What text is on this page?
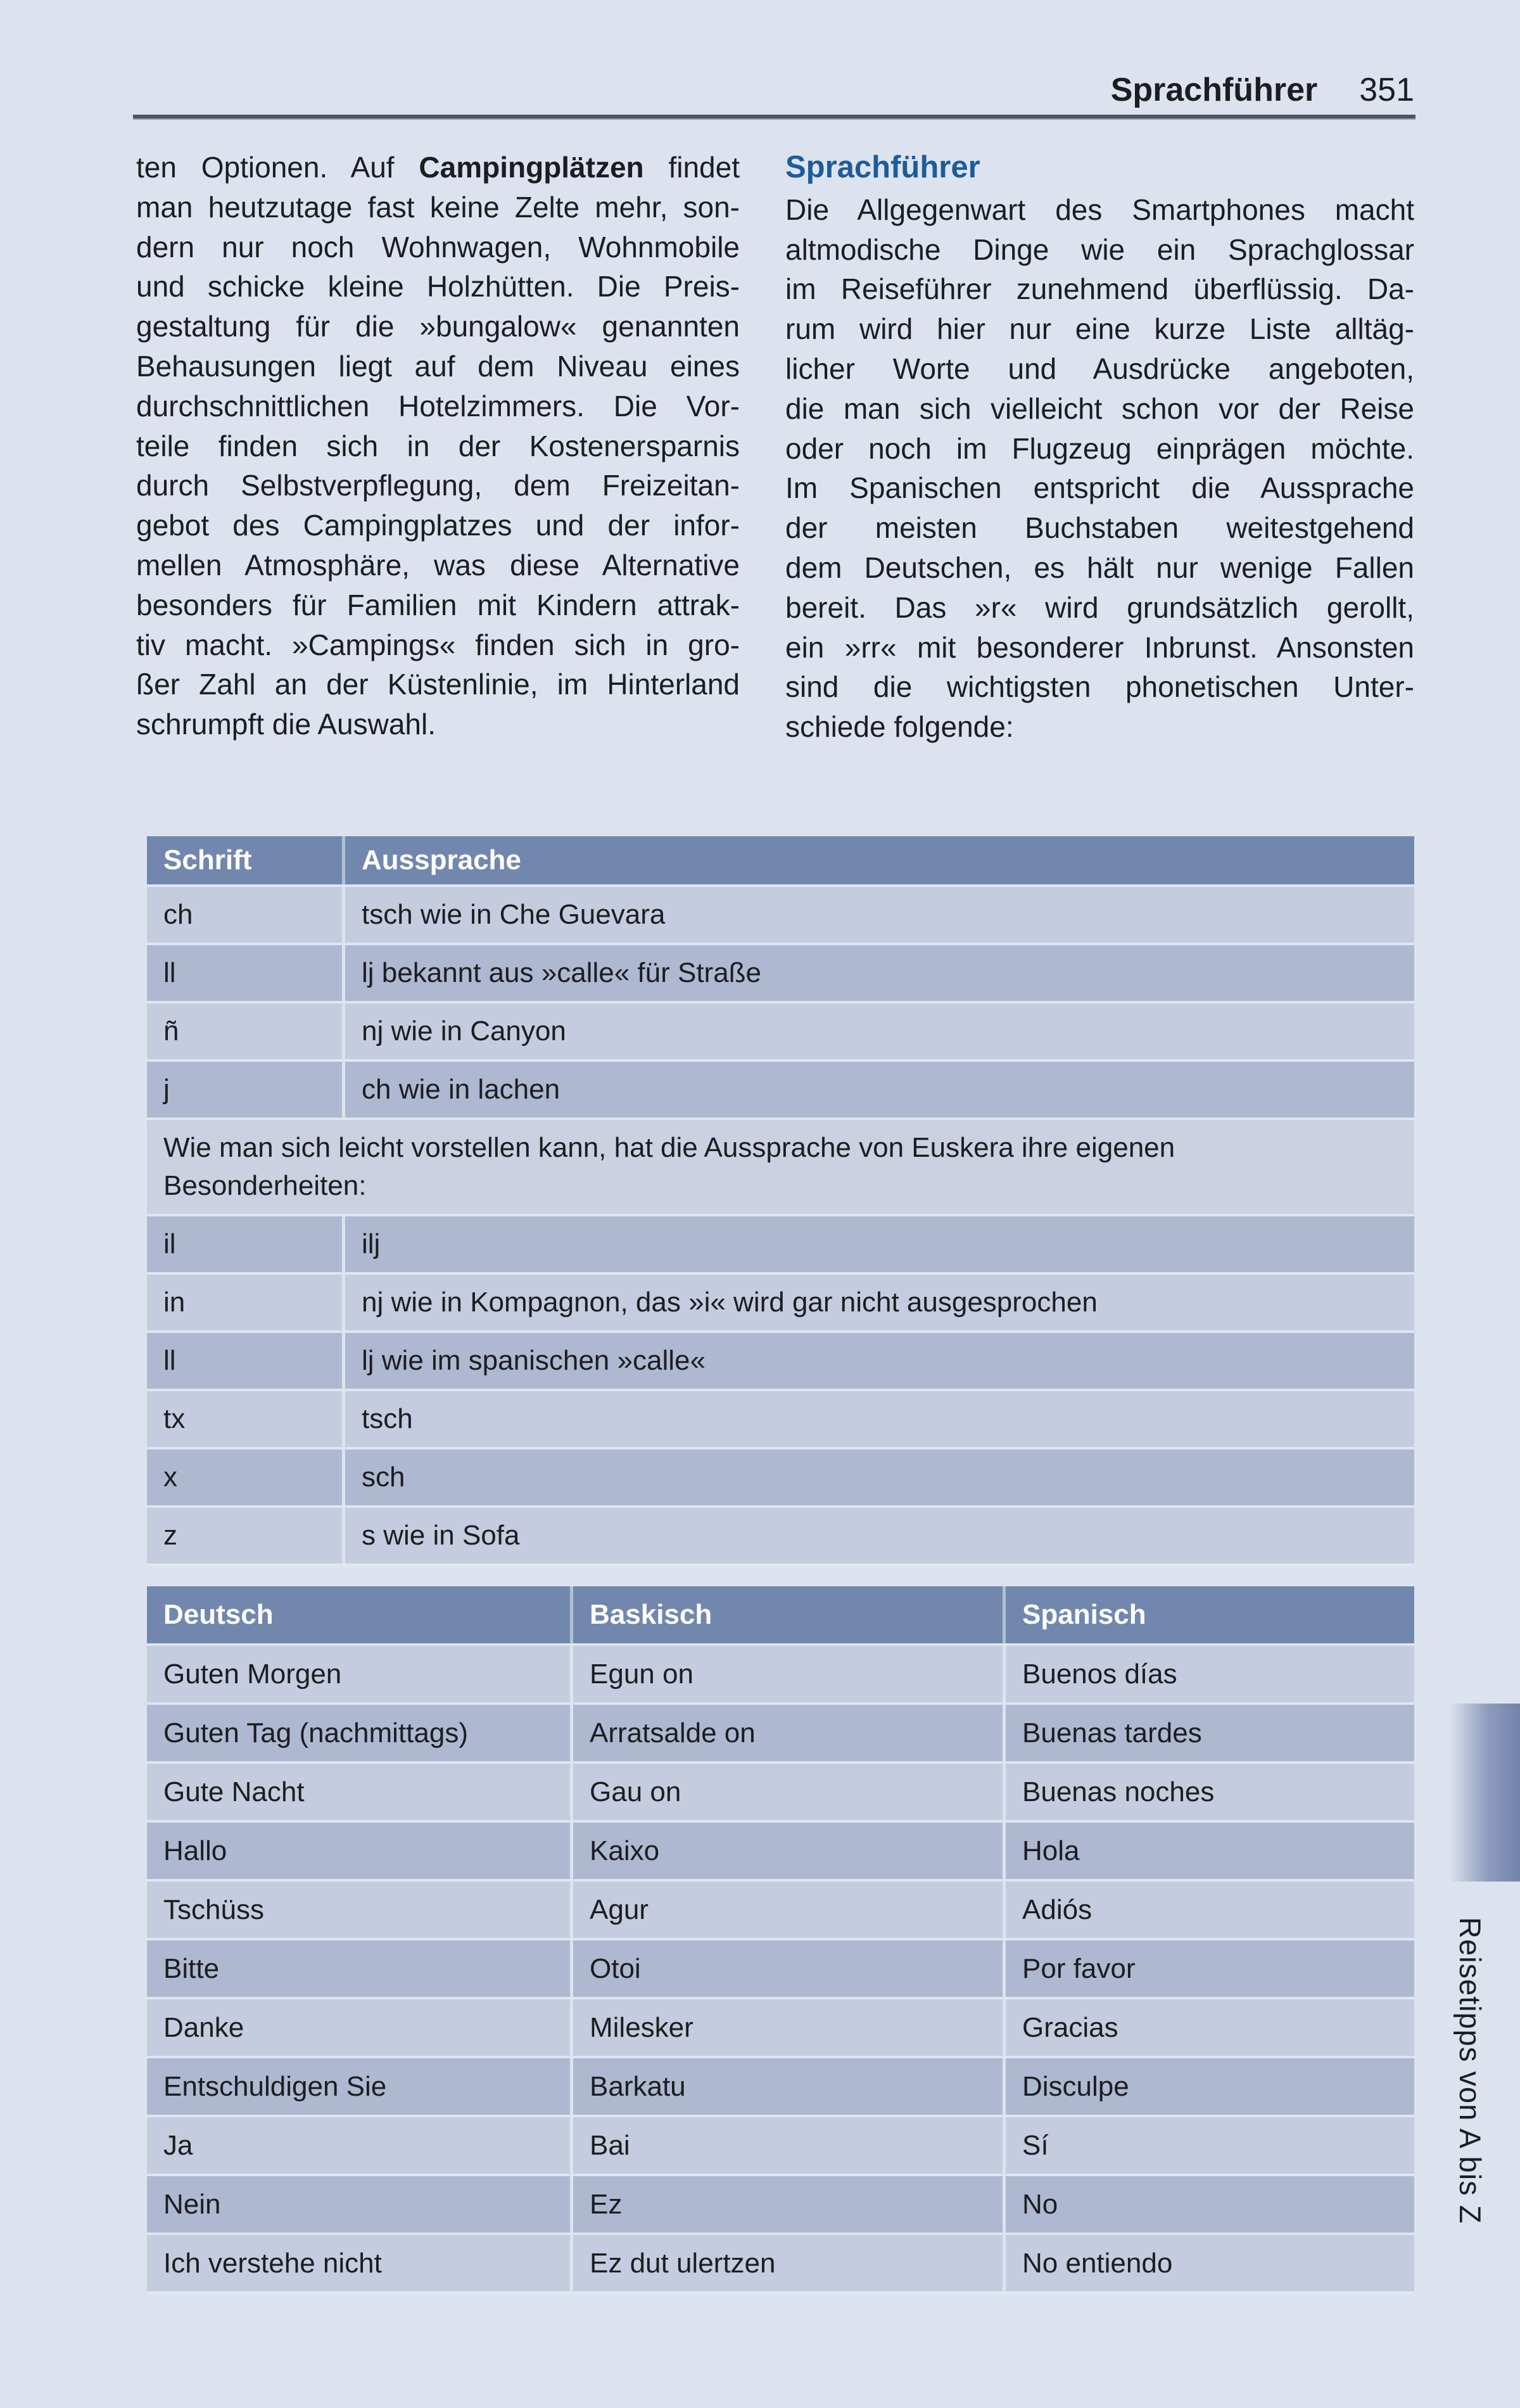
Sprachführer 351
ten Optionen. Auf Campingplätzen findet
man heutzutage fast keine Zelte mehr, son-
dern nur noch Wohnwagen, Wohnmobile
und schicke kleine Holzhütten. Die Preis-
gestaltung für die »bungalow« genannten
Behausungen liegt auf dem Niveau eines
durchschnittlichen Hotelzimmers. Die Vor-
teile finden sich in der Kostenersparnis
durch Selbstverpflegung, dem Freizeitan-
gebot des Campingplatzes und der infor-
mellen Atmosphäre, was diese Alternative
besonders für Familien mit Kindern attrak-
tiv macht. »Campings« finden sich in gro-
ßer Zahl an der Küstenlinie, im Hinterland
schrumpft die Auswahl.
Sprachführer
Die Allgegenwart des Smartphones macht
altmodische Dinge wie ein Sprachglossar
im Reiseführer zunehmend überflüssig. Da-
rum wird hier nur eine kurze Liste alltäg-
licher Worte und Ausdrücke angeboten,
die man sich vielleicht schon vor der Reise
oder noch im Flugzeug einprägen möchte.
Im Spanischen entspricht die Aussprache
der meisten Buchstaben weitestgehend
dem Deutschen, es hält nur wenige Fallen
bereit. Das »r« wird grundsätzlich gerollt,
ein »rr« mit besonderer Inbrunst. Ansonsten
sind die wichtigsten phonetischen Unter-
schiede folgende:
Schrift	Aussprache
ch	tsch wie in Che Guevara
ll	lj bekannt aus »calle« für Straße
ñ	nj wie in Canyon
j	ch wie in lachen
Wie man sich leicht vorstellen kann, hat die Aussprache von Euskera ihre eigenen Besonderheiten:
il	ilj
in	nj wie in Kompagnon, das »i« wird gar nicht ausgesprochen
ll	lj wie im spanischen »calle«
tx	tsch
x	sch
z	s wie in Sofa
Deutsch	Baskisch	Spanisch
Guten Morgen	Egun on	Buenos días
Guten Tag (nachmittags)	Arratsalde on	Buenas tardes
Gute Nacht	Gau on	Buenas noches
Hallo	Kaixo	Hola
Tschüss	Agur	Adiós
Bitte	Otoi	Por favor
Danke	Milesker	Gracias
Entschuldigen Sie	Barkatu	Disculpe
Ja	Bai	Sí
Nein	Ez	No
Ich verstehe nicht	Ez dut ulertzen	No entiendo
Reisetipps von A bis Z
